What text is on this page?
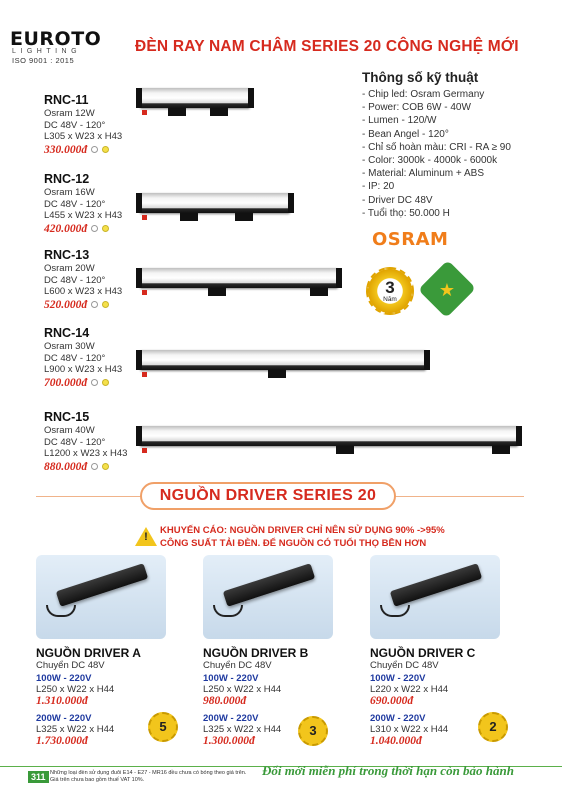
EUROTO
LIGHTING
ISO 9001 : 2015
ĐÈN RAY NAM CHÂM SERIES 20 CÔNG NGHỆ MỚI
RNC-11
Osram 12W
DC 48V - 120°
L305 x W23 x H43
330.000đ
RNC-12
Osram 16W
DC 48V - 120°
L455 x W23 x H43
420.000đ
RNC-13
Osram 20W
DC 48V - 120°
L600 x W23 x H43
520.000đ
RNC-14
Osram 30W
DC 48V - 120°
L900 x W23 x H43
700.000đ
RNC-15
Osram 40W
DC 48V - 120°
L1200 x W23 x H43
880.000đ
Thông số kỹ thuật
- Chip led: Osram Germany
- Power: COB 6W - 40W
- Lumen - 120/W
- Bean Angel - 120°
- Chỉ số hoàn màu: CRI - RA ≥ 90
- Color: 3000k - 4000k - 6000k
- Material: Aluminum + ABS
- IP: 20
- Driver DC 48V
- Tuổi thọ: 50.000 H
OSRAM
3
Năm ★
NGUỒN DRIVER SERIES 20
!
KHUYẾN CÁO: NGUỒN DRIVER CHỈ NÊN SỬ DỤNG 90% ->95%
CÔNG SUẤT TẢI ĐÈN. ĐỂ NGUỒN CÓ TUỔI THỌ BỀN HƠN
NGUỒN DRIVER A
Chuyển DC 48V
100W - 220V
L250 x W22 x H44
1.310.000đ
200W - 220V
L325 x W22 x H44
1.730.000đ
NGUỒN DRIVER B
Chuyển DC 48V
100W - 220V
L250 x W22 x H44
980.000đ
200W - 220V
L325 x W22 x H44
1.300.000đ
NGUỒN DRIVER C
Chuyển DC 48V
100W - 220V
L220 x W22 x H44
690.000đ
200W - 220V
L310 x W22 x H44
1.040.000đ
5	3	2
311 Những loại đèn sử dụng đuôi E14 - E27 - MR16 đều chưa có bóng theo giá trên.
Giá trên chưa bao gồm thuế VAT 10%.
Đổi mới miễn phí trong thời hạn còn bảo hành
